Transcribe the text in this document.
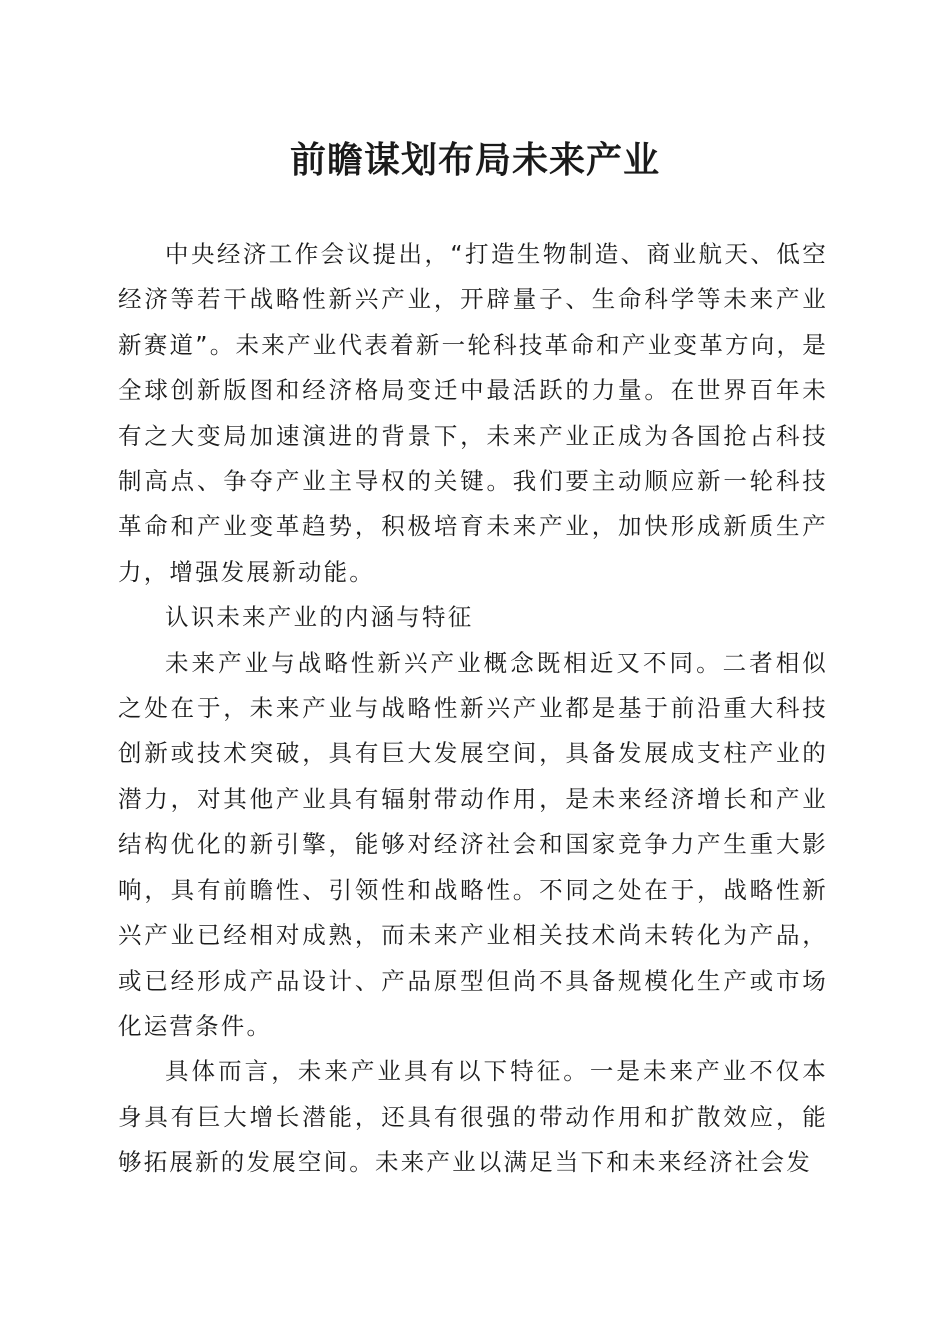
前瞻谋划布局未来产业

中央经济工作会议提出，“打造生物制造、商业航天、低空经济等若干战略性新兴产业，开辟量子、生命科学等未来产业新赛道”。未来产业代表着新一轮科技革命和产业变革方向，是全球创新版图和经济格局变迁中最活跃的力量。在世界百年未有之大变局加速演进的背景下，未来产业正成为各国抢占科技制高点、争夺产业主导权的关键。我们要主动顺应新一轮科技革命和产业变革趋势，积极培育未来产业，加快形成新质生产力，增强发展新动能。

认识未来产业的内涵与特征

未来产业与战略性新兴产业概念既相近又不同。二者相似之处在于，未来产业与战略性新兴产业都是基于前沿重大科技创新或技术突破，具有巨大发展空间，具备发展成支柱产业的潜力，对其他产业具有辐射带动作用，是未来经济增长和产业结构优化的新引擎，能够对经济社会和国家竞争力产生重大影响，具有前瞻性、引领性和战略性。不同之处在于，战略性新兴产业已经相对成熟，而未来产业相关技术尚未转化为产品，或已经形成产品设计、产品原型但尚不具备规模化生产或市场化运营条件。

具体而言，未来产业具有以下特征。一是未来产业不仅本身具有巨大增长潜能，还具有很强的带动作用和扩散效应，能够拓展新的发展空间。未来产业以满足当下和未来经济社会发
